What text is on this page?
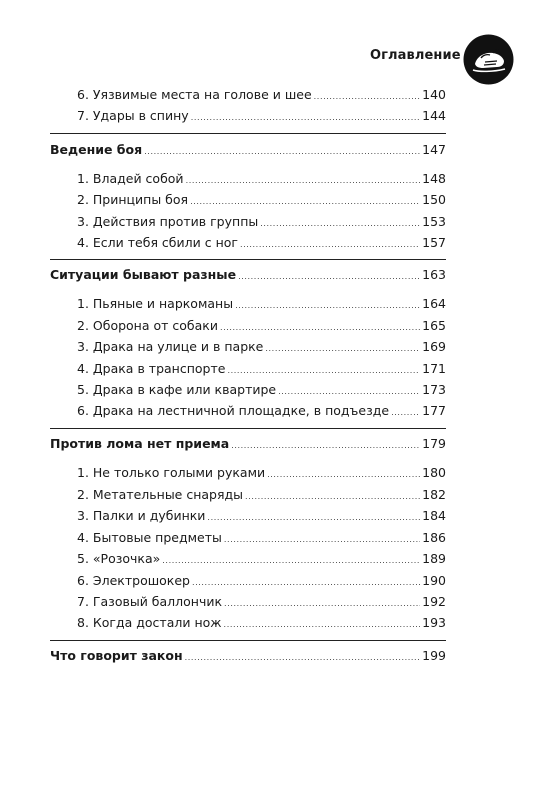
Оглавление
6. Уязвимые места на голове и шее .....	140
7. Удары в спину .....	144
Ведение боя .....	147
1. Владей собой .....	148
2. Принципы боя .....	150
3. Действия против группы .....	153
4. Если тебя сбили с ног .....	157
Ситуации бывают разные .....	163
1. Пьяные и наркоманы .....	164
2. Оборона от собаки .....	165
3. Драка на улице и в парке .....	169
4. Драка в транспорте .....	171
5. Драка в кафе или квартире .....	173
6. Драка на лестничной площадке, в подъезде .....	177
Против лома нет приема .....	179
1. Не только голыми руками .....	180
2. Метательные снаряды .....	182
3. Палки и дубинки .....	184
4. Бытовые предметы .....	186
5. «Розочка» .....	189
6. Электрошокер .....	190
7. Газовый баллончик .....	192
8. Когда достали нож .....	193
Что говорит закон .....	199
